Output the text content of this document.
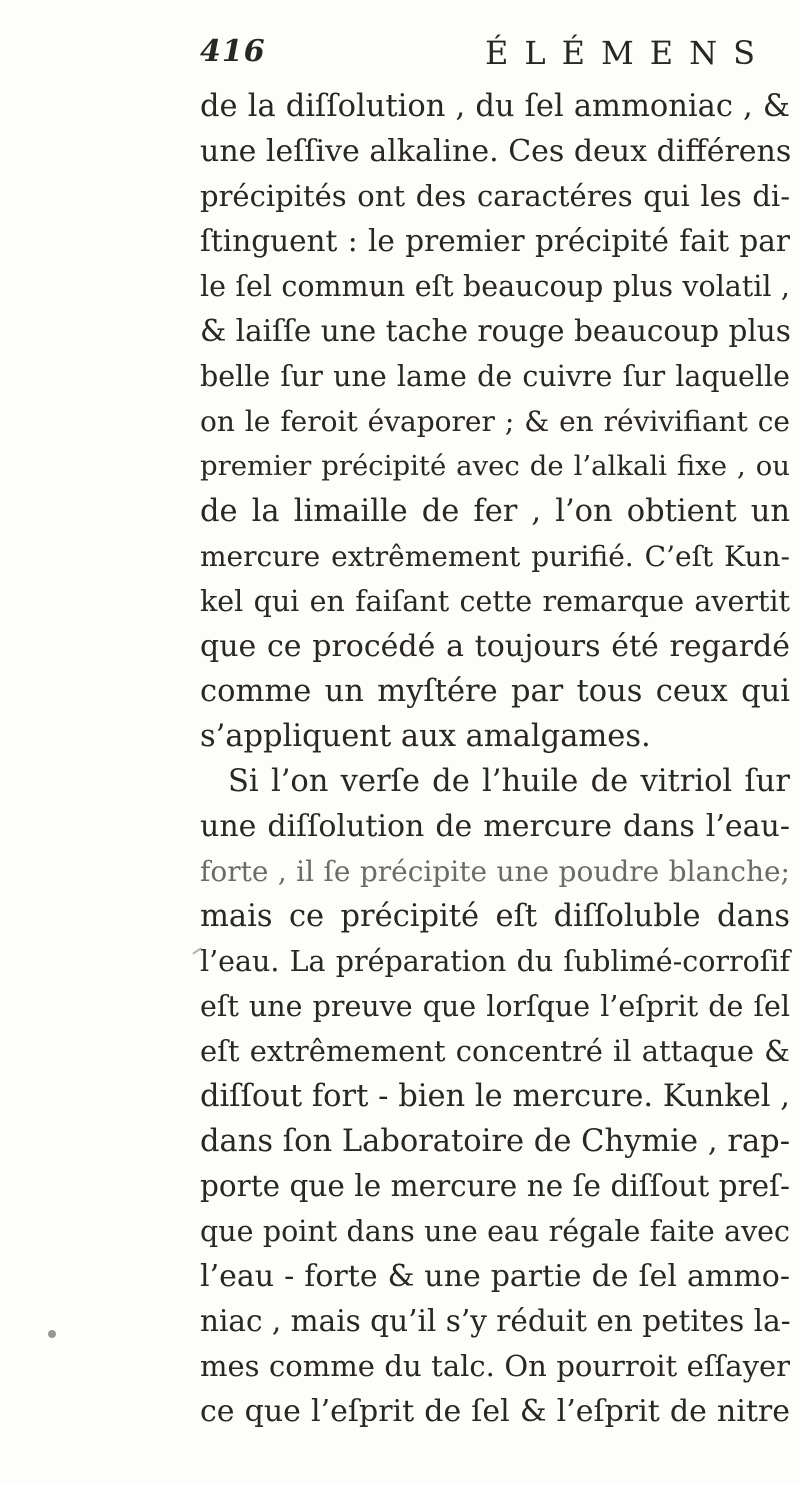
416	ÉLÉMENS
de la diſſolution , du ſel ammoniac , &
une leſſive alkaline. Ces deux différens
précipités ont des caractéres qui les di-
ſtinguent : le premier précipité fait par
le ſel commun eſt beaucoup plus volatil ,
& laiſſe une tache rouge beaucoup plus
belle ſur une lame de cuivre ſur laquelle
on le feroit évaporer ; & en révivifiant ce
premier précipité avec de l’alkali fixe , ou
de la limaille de fer , l’on obtient un
mercure extrêmement purifié. C’eſt Kun-
kel qui en faiſant cette remarque avertit
que ce procédé a toujours été regardé
comme un myſtére par tous ceux qui
s’appliquent aux amalgames.
Si l’on verſe de l’huile de vitriol ſur
une diſſolution de mercure dans l’eau-
forte , il ſe précipite une poudre blanche;
mais ce précipité eſt diſſoluble dans
l’eau. La préparation du ſublimé-corroſif
eſt une preuve que lorſque l’eſprit de ſel
eſt extrêmement concentré il attaque &
diſſout fort - bien le mercure. Kunkel ,
dans ſon Laboratoire de Chymie , rap-
porte que le mercure ne ſe diſſout preſ-
que point dans une eau régale faite avec
l’eau - forte & une partie de ſel ammo-
niac , mais qu’il s’y réduit en petites la-
mes comme du talc. On pourroit eſſayer
ce que l’eſprit de ſel & l’eſprit de nitre
